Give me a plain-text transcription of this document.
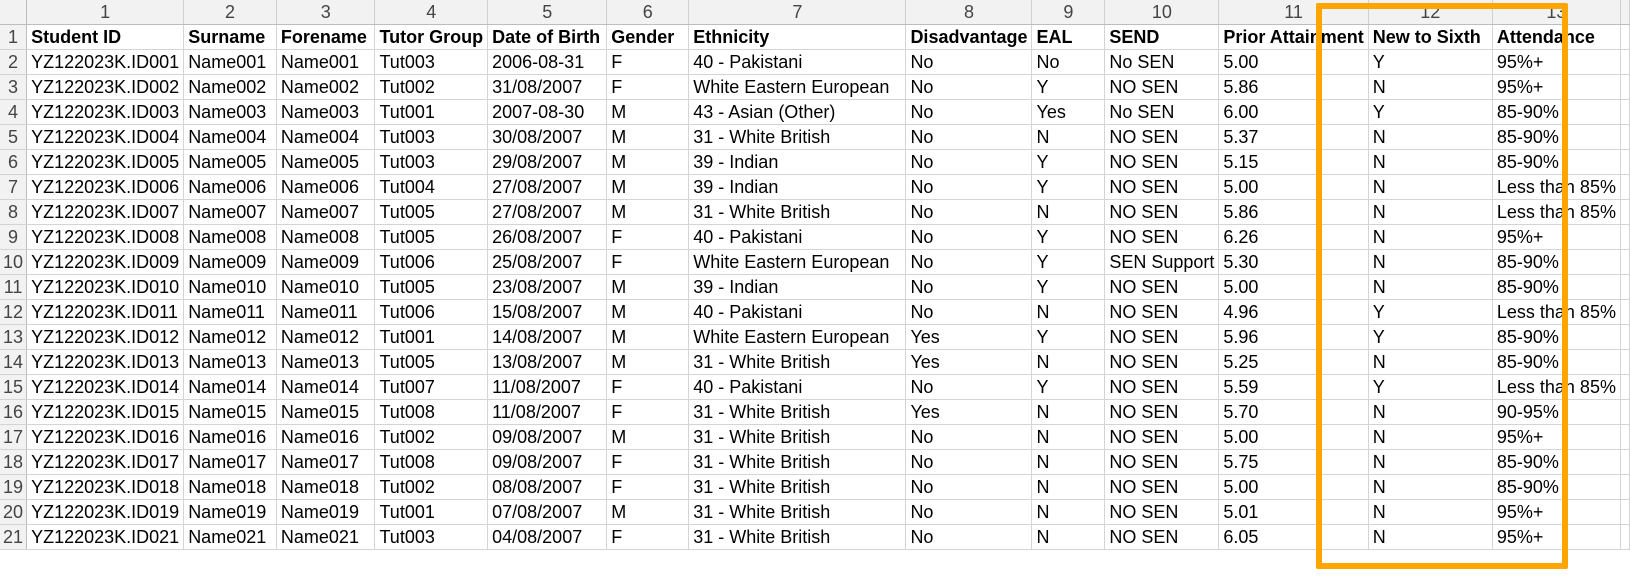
	1	2	3	4	5	6	7	8	9	10	11	12	13	
1	Student ID	Surname	Forename	Tutor Group	Date of Birth	Gender	Ethnicity	Disadvantage	EAL	SEND	Prior Attainment	New to Sixth	Attendance	
2	YZ122023K.ID001	Name001	Name001	Tut003	2006-08-31	F	40 - Pakistani	No	No	No SEN	5.00	Y	95%+	
3	YZ122023K.ID002	Name002	Name002	Tut002	31/08/2007	F	White Eastern European	No	Y	NO SEN	5.86	N	95%+	
4	YZ122023K.ID003	Name003	Name003	Tut001	2007-08-30	M	43 - Asian (Other)	No	Yes	No SEN	6.00	Y	85-90%	
5	YZ122023K.ID004	Name004	Name004	Tut003	30/08/2007	M	31 - White British	No	N	NO SEN	5.37	N	85-90%	
6	YZ122023K.ID005	Name005	Name005	Tut003	29/08/2007	M	39 - Indian	No	Y	NO SEN	5.15	N	85-90%	
7	YZ122023K.ID006	Name006	Name006	Tut004	27/08/2007	M	39 - Indian	No	Y	NO SEN	5.00	N	Less than 85%	
8	YZ122023K.ID007	Name007	Name007	Tut005	27/08/2007	M	31 - White British	No	N	NO SEN	5.86	N	Less than 85%	
9	YZ122023K.ID008	Name008	Name008	Tut005	26/08/2007	F	40 - Pakistani	No	Y	NO SEN	6.26	N	95%+	
10	YZ122023K.ID009	Name009	Name009	Tut006	25/08/2007	F	White Eastern European	No	Y	SEN Support	5.30	N	85-90%	
11	YZ122023K.ID010	Name010	Name010	Tut005	23/08/2007	M	39 - Indian	No	Y	NO SEN	5.00	N	85-90%	
12	YZ122023K.ID011	Name011	Name011	Tut006	15/08/2007	M	40 - Pakistani	No	N	NO SEN	4.96	Y	Less than 85%	
13	YZ122023K.ID012	Name012	Name012	Tut001	14/08/2007	M	White Eastern European	Yes	Y	NO SEN	5.96	Y	85-90%	
14	YZ122023K.ID013	Name013	Name013	Tut005	13/08/2007	M	31 - White British	Yes	N	NO SEN	5.25	N	85-90%	
15	YZ122023K.ID014	Name014	Name014	Tut007	11/08/2007	F	40 - Pakistani	No	Y	NO SEN	5.59	Y	Less than 85%	
16	YZ122023K.ID015	Name015	Name015	Tut008	11/08/2007	F	31 - White British	Yes	N	NO SEN	5.70	N	90-95%	
17	YZ122023K.ID016	Name016	Name016	Tut002	09/08/2007	M	31 - White British	No	N	NO SEN	5.00	N	95%+	
18	YZ122023K.ID017	Name017	Name017	Tut008	09/08/2007	F	31 - White British	No	N	NO SEN	5.75	N	85-90%	
19	YZ122023K.ID018	Name018	Name018	Tut002	08/08/2007	F	31 - White British	No	N	NO SEN	5.00	N	85-90%	
20	YZ122023K.ID019	Name019	Name019	Tut001	07/08/2007	M	31 - White British	No	N	NO SEN	5.01	N	95%+	
21	YZ122023K.ID021	Name021	Name021	Tut003	04/08/2007	F	31 - White British	No	N	NO SEN	6.05	N	95%+	
